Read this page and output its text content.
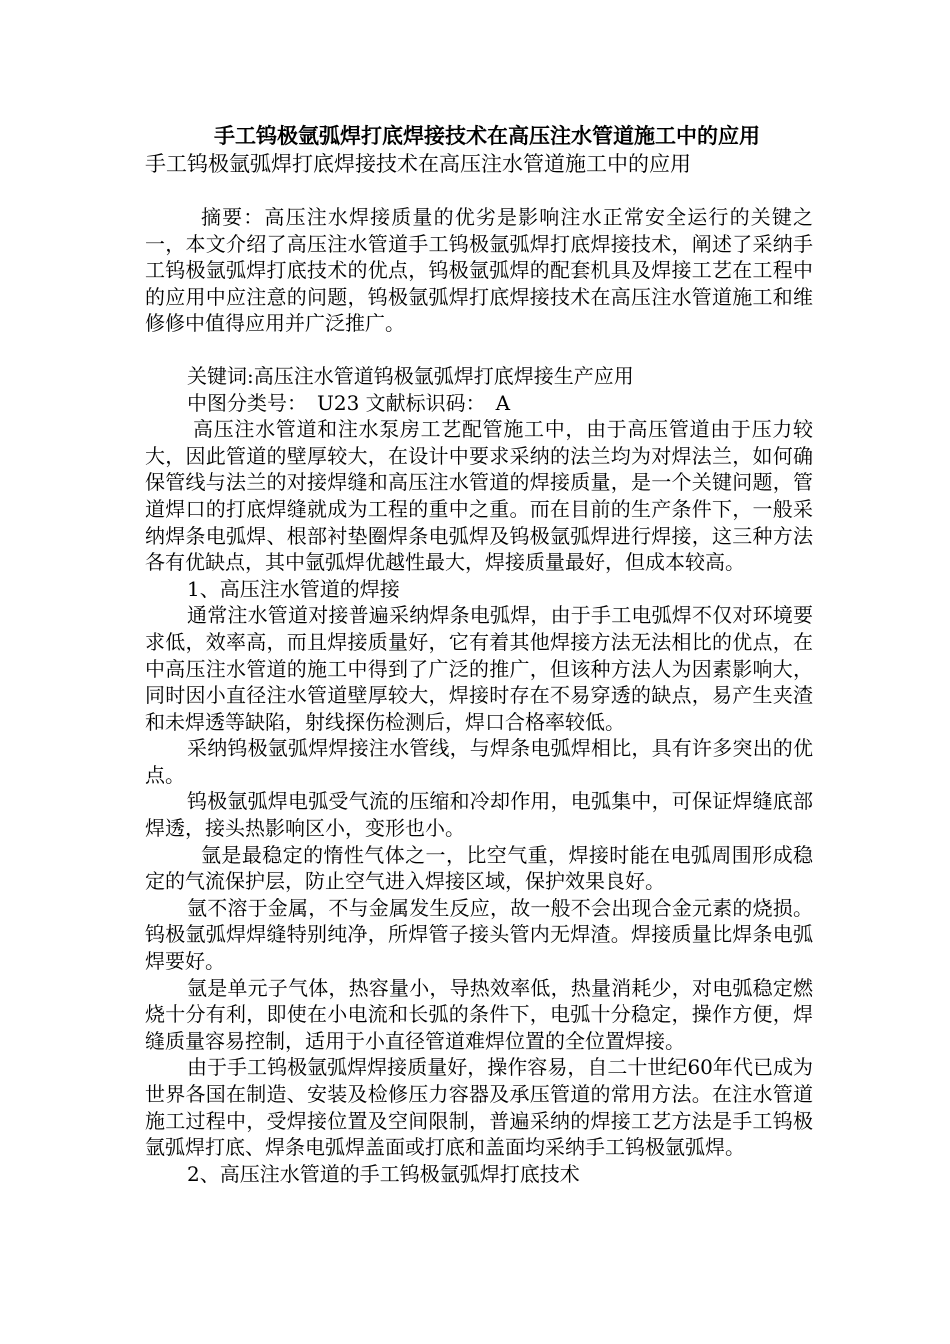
手工钨极氩弧焊打底焊接技术在高压注水管道施工中的应用

手工钨极氩弧焊打底焊接技术在高压注水管道施工中的应用

摘要：高压注水焊接质量的优劣是影响注水正常安全运行的关键之一，本文介绍了高压注水管道手工钨极氩弧焊打底焊接技术，阐述了采纳手工钨极氩弧焊打底技术的优点，钨极氩弧焊的配套机具及焊接工艺在工程中的应用中应注意的问题，钨极氩弧焊打底焊接技术在高压注水管道施工和维修修中值得应用并广泛推广。

关键词:高压注水管道钨极氩弧焊打底焊接生产应用

中图分类号：　U23 文献标识码：　A

高压注水管道和注水泵房工艺配管施工中，由于高压管道由于压力较大，因此管道的壁厚较大，在设计中要求采纳的法兰均为对焊法兰，如何确保管线与法兰的对接焊缝和高压注水管道的焊接质量，是一个关键问题，管道焊口的打底焊缝就成为工程的重中之重。而在目前的生产条件下，一般采纳焊条电弧焊、根部衬垫圈焊条电弧焊及钨极氩弧焊进行焊接，这三种方法各有优缺点，其中氩弧焊优越性最大，焊接质量最好，但成本较高。

1、高压注水管道的焊接

通常注水管道对接普遍采纳焊条电弧焊，由于手工电弧焊不仅对环境要求低，效率高，而且焊接质量好，它有着其他焊接方法无法相比的优点，在中高压注水管道的施工中得到了广泛的推广，但该种方法人为因素影响大，同时因小直径注水管道壁厚较大，焊接时存在不易穿透的缺点，易产生夹渣和未焊透等缺陷，射线探伤检测后，焊口合格率较低。

采纳钨极氩弧焊焊接注水管线，与焊条电弧焊相比，具有许多突出的优点。

钨极氩弧焊电弧受气流的压缩和冷却作用，电弧集中，可保证焊缝底部焊透，接头热影响区小，变形也小。

氩是最稳定的惰性气体之一，比空气重，焊接时能在电弧周围形成稳定的气流保护层，防止空气进入焊接区域，保护效果良好。

氩不溶于金属，不与金属发生反应，故一般不会出现合金元素的烧损。钨极氩弧焊焊缝特别纯净，所焊管子接头管内无焊渣。焊接质量比焊条电弧焊要好。

氩是单元子气体，热容量小，导热效率低，热量消耗少，对电弧稳定燃烧十分有利，即使在小电流和长弧的条件下，电弧十分稳定，操作方便，焊缝质量容易控制，适用于小直径管道难焊位置的全位置焊接。

由于手工钨极氩弧焊焊接质量好，操作容易，自二十世纪60年代已成为世界各国在制造、安装及检修压力容器及承压管道的常用方法。在注水管道施工过程中，受焊接位置及空间限制，普遍采纳的焊接工艺方法是手工钨极氩弧焊打底、焊条电弧焊盖面或打底和盖面均采纳手工钨极氩弧焊。

2、高压注水管道的手工钨极氩弧焊打底技术
